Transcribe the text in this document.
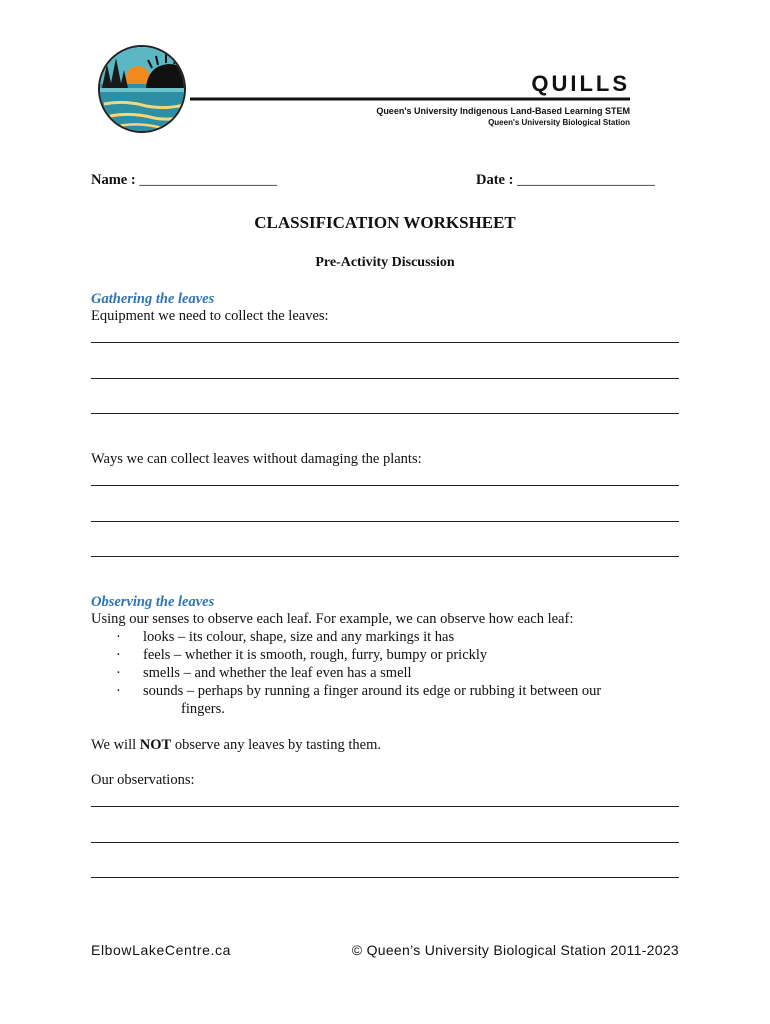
QUILLS
Queen's University Indigenous Land-Based Learning STEM
Queen's University Biological Station
Name : ___________________	Date : ___________________
CLASSIFICATION WORKSHEET
Pre-Activity Discussion
Gathering the leaves
Equipment we need to collect the leaves:
Ways we can collect leaves without damaging the plants:
Observing the leaves
Using our senses to observe each leaf. For example, we can observe how each leaf:
· looks – its colour, shape, size and any markings it has
· feels – whether it is smooth, rough, furry, bumpy or prickly
· smells – and whether the leaf even has a smell
· sounds – perhaps by running a finger around its edge or rubbing it between our
fingers.
We will NOT observe any leaves by tasting them.
Our observations:
ElbowLakeCentre.ca	© Queen’s University Biological Station 2011-2023
